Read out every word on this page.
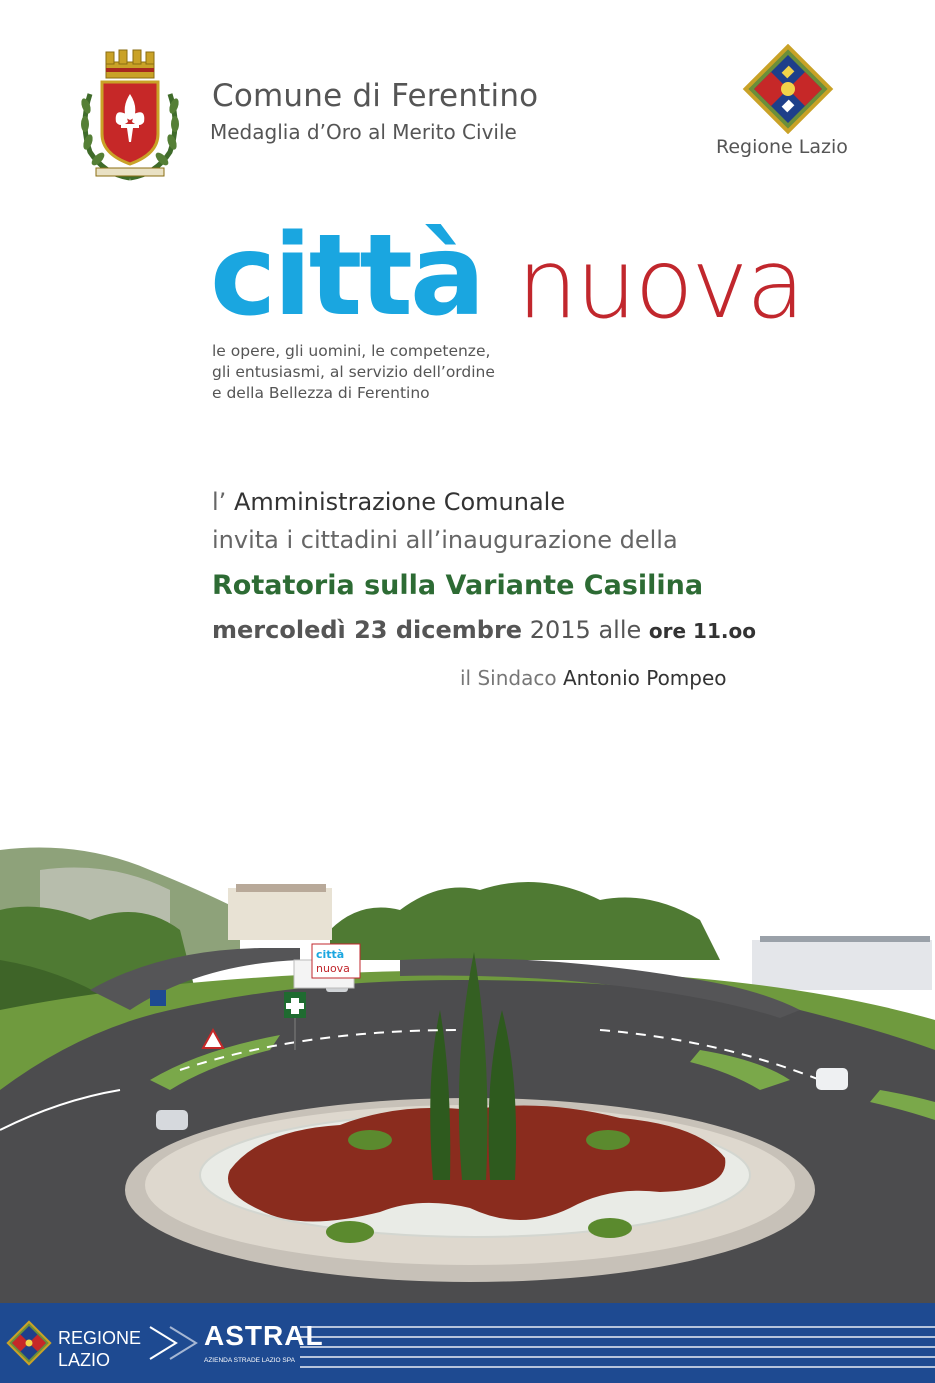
Comune di Ferentino
Medaglia d’Oro al Merito Civile
Regione Lazio
città nuova
le opere, gli uomini, le competenze,
gli entusiasmi, al servizio dell’ordine
e della Bellezza di Ferentino
l’ Amministrazione Comunale
invita i cittadini all’inaugurazione della
Rotatoria sulla Variante Casilina
mercoledì 23 dicembre 2015 alle ore 11.oo
il Sindaco Antonio Pompeo
città
nuova
REGIONE
LAZIO
ASTRAL
AZIENDA STRADE LAZIO SPA
